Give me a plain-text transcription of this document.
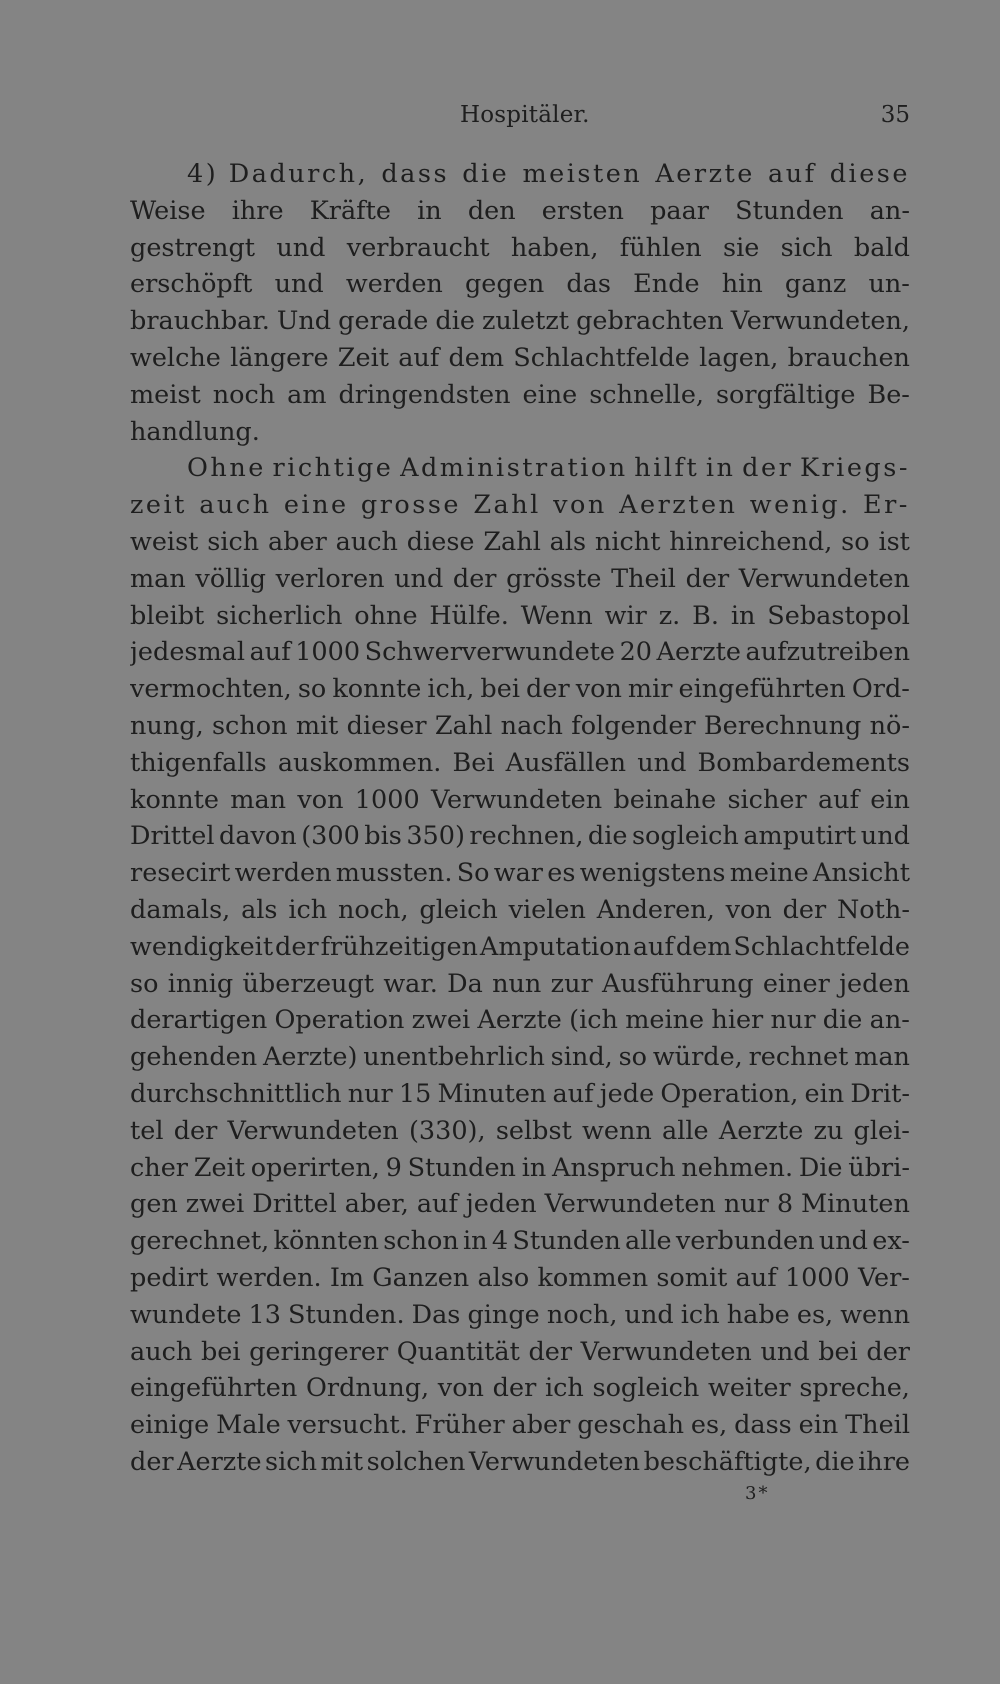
Hospitäler.	35
4) Dadurch, dass die meisten Aerzte auf diese
Weise ihre Kräfte in den ersten paar Stunden an-
gestrengt und verbraucht haben, fühlen sie sich bald
erschöpft und werden gegen das Ende hin ganz un-
brauchbar. Und gerade die zuletzt gebrachten Verwundeten,
welche längere Zeit auf dem Schlachtfelde lagen, brauchen
meist noch am dringendsten eine schnelle, sorgfältige Be-
handlung.
Ohne richtige Administration hilft in der Kriegs-
zeit auch eine grosse Zahl von Aerzten wenig. Er-
weist sich aber auch diese Zahl als nicht hinreichend, so ist
man völlig verloren und der grösste Theil der Verwundeten
bleibt sicherlich ohne Hülfe. Wenn wir z. B. in Sebastopol
jedesmal auf 1000 Schwerverwundete 20 Aerzte aufzutreiben
vermochten, so konnte ich, bei der von mir eingeführten Ord-
nung, schon mit dieser Zahl nach folgender Berechnung nö-
thigenfalls auskommen. Bei Ausfällen und Bombardements
konnte man von 1000 Verwundeten beinahe sicher auf ein
Drittel davon (300 bis 350) rechnen, die sogleich amputirt und
resecirt werden mussten. So war es wenigstens meine Ansicht
damals, als ich noch, gleich vielen Anderen, von der Noth-
wendigkeit der frühzeitigen Amputation auf dem Schlachtfelde
so innig überzeugt war. Da nun zur Ausführung einer jeden
derartigen Operation zwei Aerzte (ich meine hier nur die an-
gehenden Aerzte) unentbehrlich sind, so würde, rechnet man
durchschnittlich nur 15 Minuten auf jede Operation, ein Drit-
tel der Verwundeten (330), selbst wenn alle Aerzte zu glei-
cher Zeit operirten, 9 Stunden in Anspruch nehmen. Die übri-
gen zwei Drittel aber, auf jeden Verwundeten nur 8 Minuten
gerechnet, könnten schon in 4 Stunden alle verbunden und ex-
pedirt werden. Im Ganzen also kommen somit auf 1000 Ver-
wundete 13 Stunden. Das ginge noch, und ich habe es, wenn
auch bei geringerer Quantität der Verwundeten und bei der
eingeführten Ordnung, von der ich sogleich weiter spreche,
einige Male versucht. Früher aber geschah es, dass ein Theil
der Aerzte sich mit solchen Verwundeten beschäftigte, die ihre
3*
